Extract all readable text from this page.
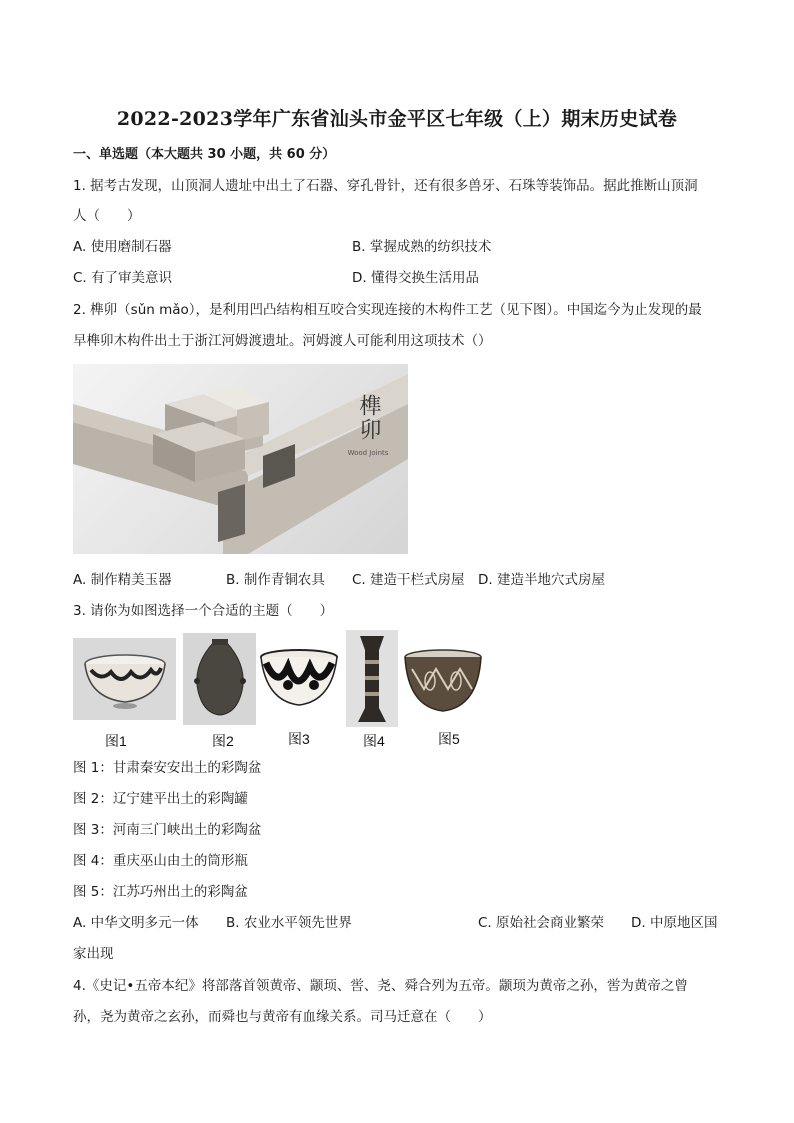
2022-2023学年广东省汕头市金平区七年级（上）期末历史试卷
一、单选题（本大题共 30 小题，共 60 分）
1. 据考古发现，山顶洞人遗址中出土了石器、穿孔骨针，还有很多兽牙、石珠等装饰品。据此推断山顶洞
人（　　）
A. 使用磨制石器	B. 掌握成熟的纺织技术
C. 有了审美意识	D. 懂得交换生活用品
2. 榫卯（sǔn mǎo），是利用凹凸结构相互咬合实现连接的木构件工艺（见下图）。中国迄今为止发现的最
早榫卯木构件出土于浙江河姆渡遗址。河姆渡人可能利用这项技术（）
榫卯
Wood Joints
A. 制作精美玉器	B. 制作青铜农具 C. 建造干栏式房屋 D. 建造半地穴式房屋
3. 请你为如图选择一个合适的主题（　　）
图1	图2	图3	图4	图5
图 1：甘肃秦安安出土的彩陶盆
图 2：辽宁建平出土的彩陶罐
图 3：河南三门峡出土的彩陶盆
图 4：重庆巫山由土的筒形瓶
图 5：江苏巧州出土的彩陶盆
A. 中华文明多元一体 B. 农业水平领先世界	C. 原始社会商业繁荣 D. 中原地区国
家出现
4.《史记•五帝本纪》将部落首领黄帝、颛顼、喾、尧、舜合列为五帝。颛顼为黄帝之孙，喾为黄帝之曾
孙，尧为黄帝之玄孙，而舜也与黄帝有血缘关系。司马迁意在（　　）
